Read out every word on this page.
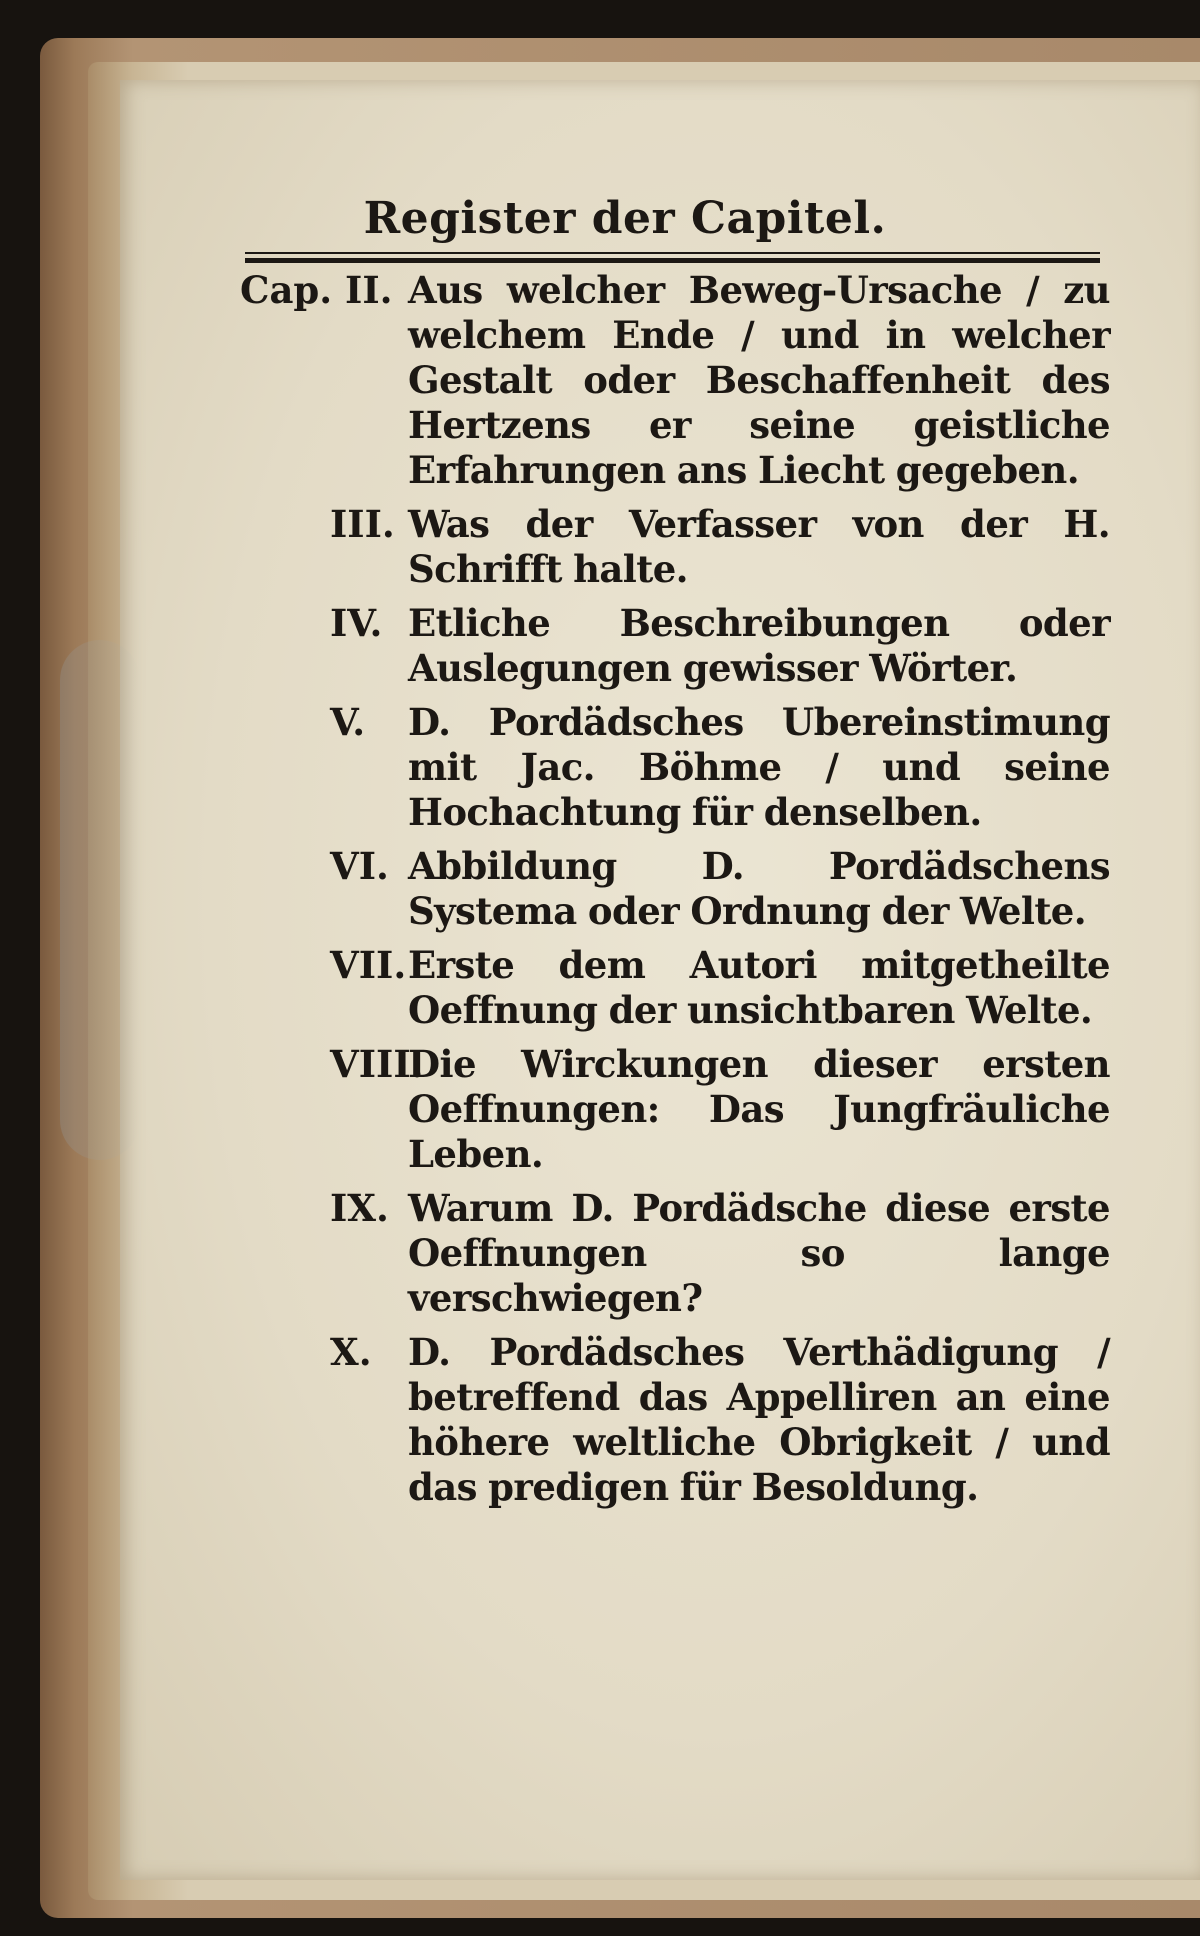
Register der Capitel.
Cap. II. Aus welcher Beweg-Ursache / zu welchem Ende / und in welcher Gestalt oder Beschaffenheit des Hertzens er seine geistliche Erfahrungen ans Liecht gegeben.
III. Was der Verfasser von der H. Schrifft halte.
IV. Etliche Beschreibungen oder Auslegungen gewisser Wörter.
V.	D. Pordädsches Ubereinstimung mit Jac. Böhme / und seine Hochachtung für denselben.
VI. Abbildung D. Pordädschens Systema oder Ordnung der Welte.
VII. Erste dem Autori mitgetheilte Oeffnung der unsichtbaren Welte.
VIII.
Die Wirckungen dieser ersten Oeffnungen: Das Jungfräuliche Leben.
IX. Warum D. Pordädsche diese erste Oeffnungen so lange verschwiegen?
X. D. Pordädsches Verthädigung / betreffend das Appelliren an eine höhere weltliche Obrigkeit / und das predigen für Besoldung.
